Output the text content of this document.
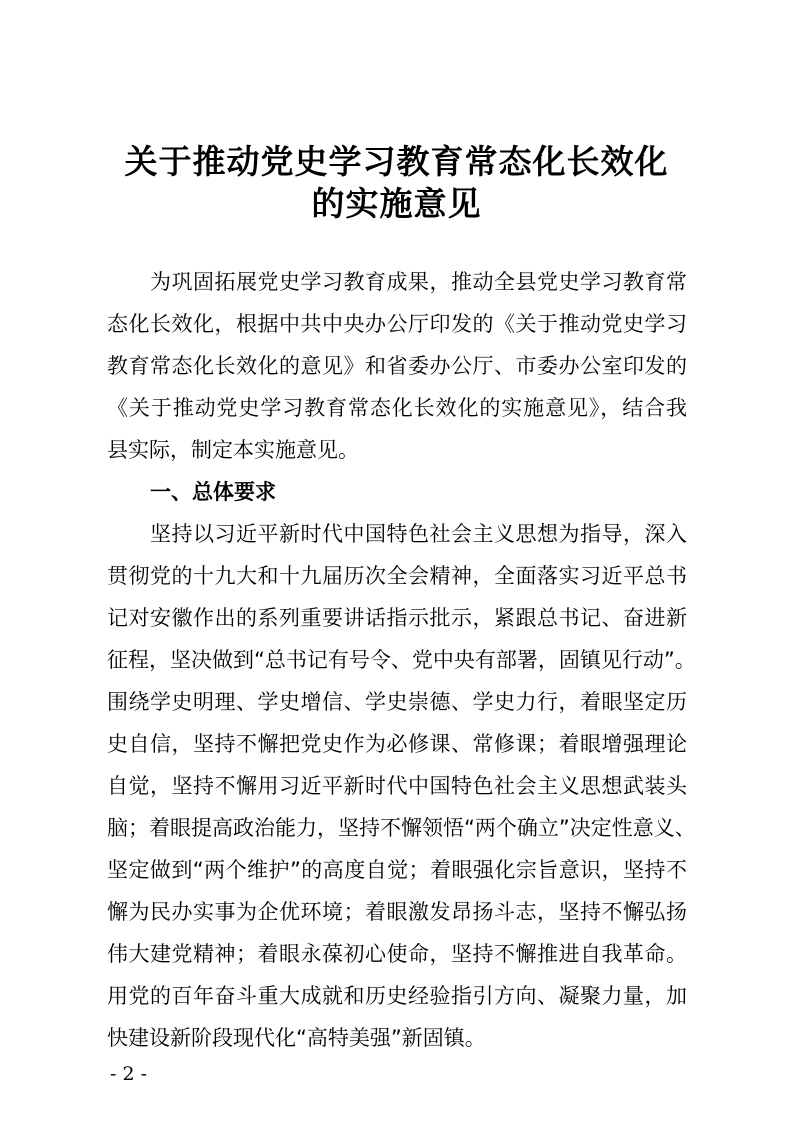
关于推动党史学习教育常态化长效化
的实施意见
为巩固拓展党史学习教育成果，推动全县党史学习教育常
态化长效化，根据中共中央办公厅印发的《关于推动党史学习
教育常态化长效化的意见》和省委办公厅、市委办公室印发的
《关于推动党史学习教育常态化长效化的实施意见》，结合我
县实际，制定本实施意见。
一、总体要求
坚持以习近平新时代中国特色社会主义思想为指导，深入
贯彻党的十九大和十九届历次全会精神，全面落实习近平总书
记对安徽作出的系列重要讲话指示批示，紧跟总书记、奋进新
征程，坚决做到“总书记有号令、党中央有部署，固镇见行动”。
围绕学史明理、学史增信、学史崇德、学史力行，着眼坚定历
史自信，坚持不懈把党史作为必修课、常修课；着眼增强理论
自觉，坚持不懈用习近平新时代中国特色社会主义思想武装头
脑；着眼提高政治能力，坚持不懈领悟“两个确立”决定性意义、
坚定做到“两个维护”的高度自觉；着眼强化宗旨意识，坚持不
懈为民办实事为企优环境；着眼激发昂扬斗志，坚持不懈弘扬
伟大建党精神；着眼永葆初心使命，坚持不懈推进自我革命。
用党的百年奋斗重大成就和历史经验指引方向、凝聚力量，加
快建设新阶段现代化“高特美强”新固镇。
- 2 -
